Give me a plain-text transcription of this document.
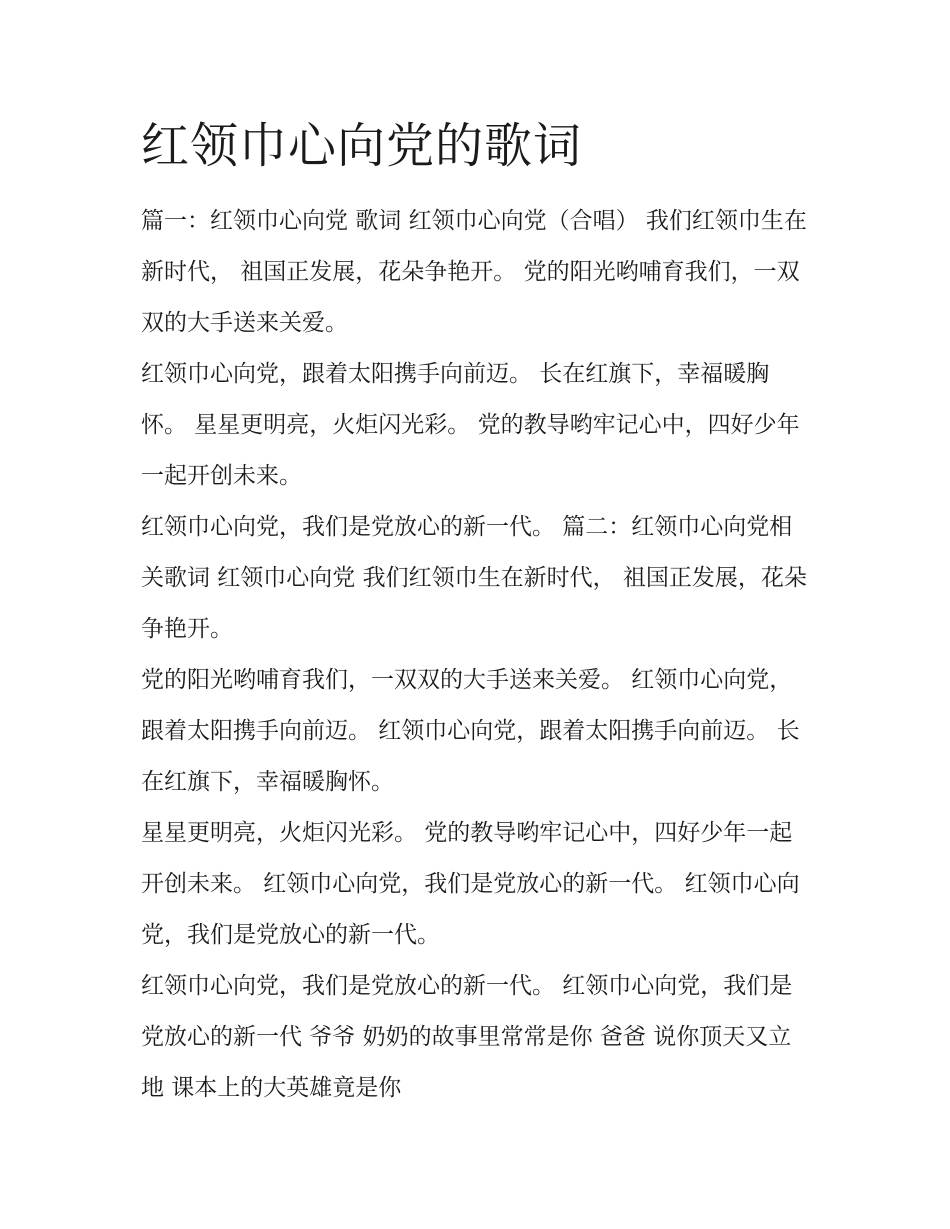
红领巾心向党的歌词

篇一：红领巾心向党 歌词 红领巾心向党（合唱） 我们红领巾生在新时代， 祖国正发展，花朵争艳开。 党的阳光哟哺育我们，一双双的大手送来关爱。

红领巾心向党，跟着太阳携手向前迈。 长在红旗下，幸福暖胸怀。 星星更明亮，火炬闪光彩。 党的教导哟牢记心中，四好少年一起开创未来。

红领巾心向党，我们是党放心的新一代。 篇二：红领巾心向党相关歌词 红领巾心向党 我们红领巾生在新时代， 祖国正发展，花朵争艳开。

党的阳光哟哺育我们，一双双的大手送来关爱。 红领巾心向党，跟着太阳携手向前迈。 红领巾心向党，跟着太阳携手向前迈。 长在红旗下，幸福暖胸怀。

星星更明亮，火炬闪光彩。 党的教导哟牢记心中，四好少年一起开创未来。 红领巾心向党，我们是党放心的新一代。 红领巾心向党，我们是党放心的新一代。

红领巾心向党，我们是党放心的新一代。 红领巾心向党，我们是党放心的新一代 爷爷 奶奶的故事里常常是你 爸爸 说你顶天又立地 课本上的大英雄竟是你
